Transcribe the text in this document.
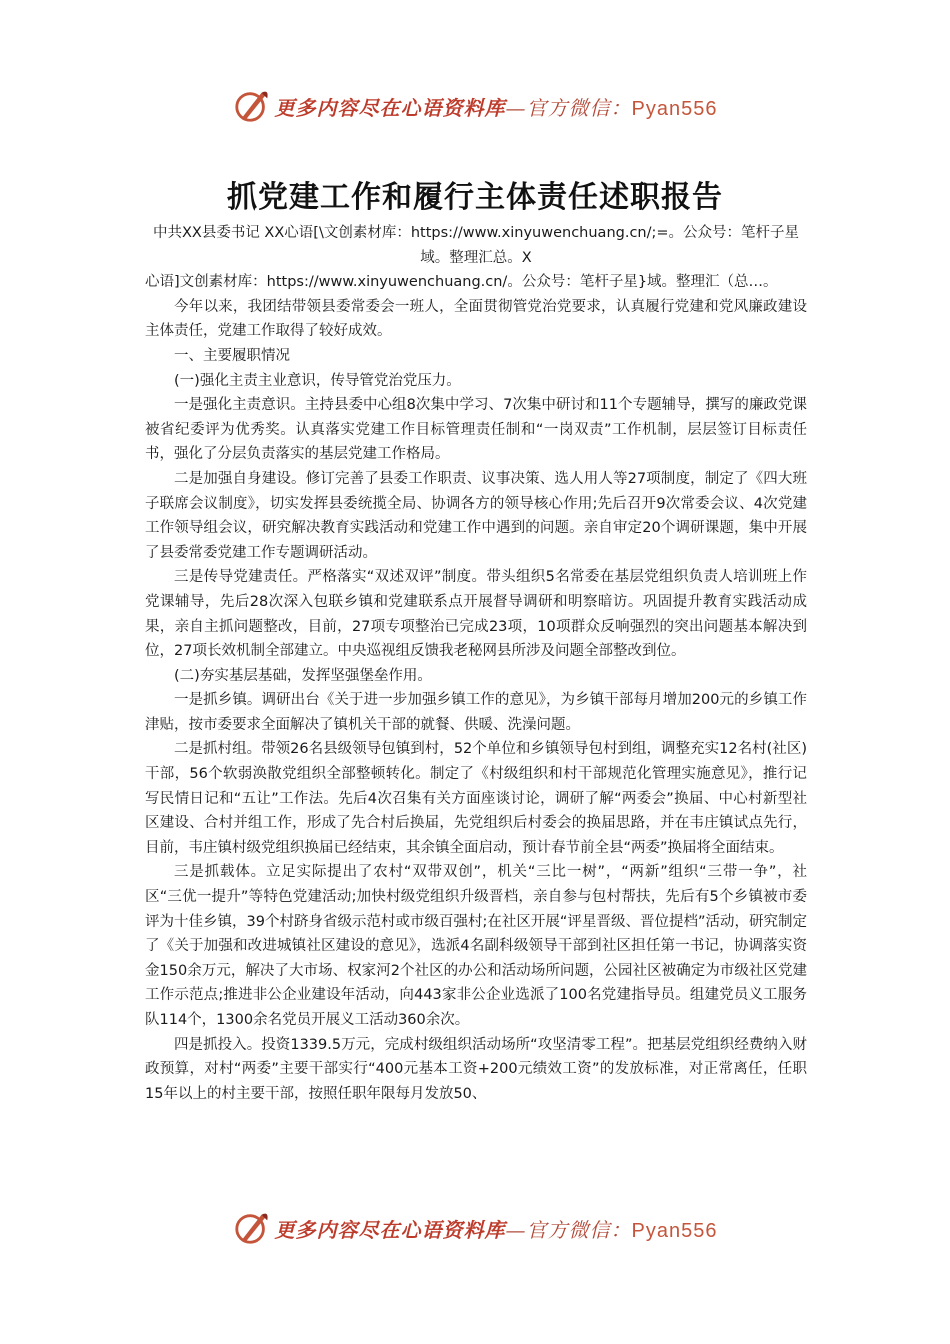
更多内容尽在心语资料库—官方微信：Pyan556
抓党建工作和履行主体责任述职报告

中共XX县委书记 XX心语[\文创素材库：https://www.xinyuwenchuang.cn/;=。公众号：笔杆子星域。整理汇总。X

心语]文创素材库：https://www.xinyuwenchuang.cn/。公众号：笔杆子星}域。整理汇（总…。

今年以来，我团结带领县委常委会一班人，全面贯彻管党治党要求，认真履行党建和党风廉政建设主体责任，党建工作取得了较好成效。

一、主要履职情况

(一)强化主责主业意识，传导管党治党压力。

一是强化主责意识。主持县委中心组8次集中学习、7次集中研讨和11个专题辅导，撰写的廉政党课被省纪委评为优秀奖。认真落实党建工作目标管理责任制和“一岗双责”工作机制，层层签订目标责任书，强化了分层负责落实的基层党建工作格局。

二是加强自身建设。修订完善了县委工作职责、议事决策、选人用人等27项制度，制定了《四大班子联席会议制度》，切实发挥县委统揽全局、协调各方的领导核心作用;先后召开9次常委会议、4次党建工作领导组会议，研究解决教育实践活动和党建工作中遇到的问题。亲自审定20个调研课题，集中开展了县委常委党建工作专题调研活动。

三是传导党建责任。严格落实“双述双评”制度。带头组织5名常委在基层党组织负责人培训班上作党课辅导，先后28次深入包联乡镇和党建联系点开展督导调研和明察暗访。巩固提升教育实践活动成果，亲自主抓问题整改，目前，27项专项整治已完成23项，10项群众反响强烈的突出问题基本解决到位，27项长效机制全部建立。中央巡视组反馈我老秘网县所涉及问题全部整改到位。

(二)夯实基层基础，发挥坚强堡垒作用。

一是抓乡镇。调研出台《关于进一步加强乡镇工作的意见》，为乡镇干部每月增加200元的乡镇工作津贴，按市委要求全面解决了镇机关干部的就餐、供暖、洗澡问题。

二是抓村组。带领26名县级领导包镇到村，52个单位和乡镇领导包村到组，调整充实12名村(社区)干部，56个软弱涣散党组织全部整顿转化。制定了《村级组织和村干部规范化管理实施意见》，推行记写民情日记和“五让”工作法。先后4次召集有关方面座谈讨论，调研了解“两委会”换届、中心村新型社区建设、合村并组工作，形成了先合村后换届，先党组织后村委会的换届思路，并在韦庄镇试点先行，目前，韦庄镇村级党组织换届已经结束，其余镇全面启动，预计春节前全县“两委”换届将全面结束。

三是抓载体。立足实际提出了农村“双带双创”，机关“三比一树”，“两新”组织“三带一争”，社区“三优一提升”等特色党建活动;加快村级党组织升级晋档，亲自参与包村帮扶，先后有5个乡镇被市委评为十佳乡镇，39个村跻身省级示范村或市级百强村;在社区开展“评星晋级、晋位提档”活动，研究制定了《关于加强和改进城镇社区建设的意见》，选派4名副科级领导干部到社区担任第一书记，协调落实资金150余万元，解决了大市场、权家河2个社区的办公和活动场所问题，公园社区被确定为市级社区党建工作示范点;推进非公企业建设年活动，向443家非公企业选派了100名党建指导员。组建党员义工服务队114个，1300余名党员开展义工活动360余次。

四是抓投入。投资1339.5万元，完成村级组织活动场所“攻坚清零工程”。把基层党组织经费纳入财政预算，对村“两委”主要干部实行“400元基本工资+200元绩效工资”的发放标准，对正常离任，任职15年以上的村主要干部，按照任职年限每月发放50、

更多内容尽在心语资料库—官方微信：Pyan556
